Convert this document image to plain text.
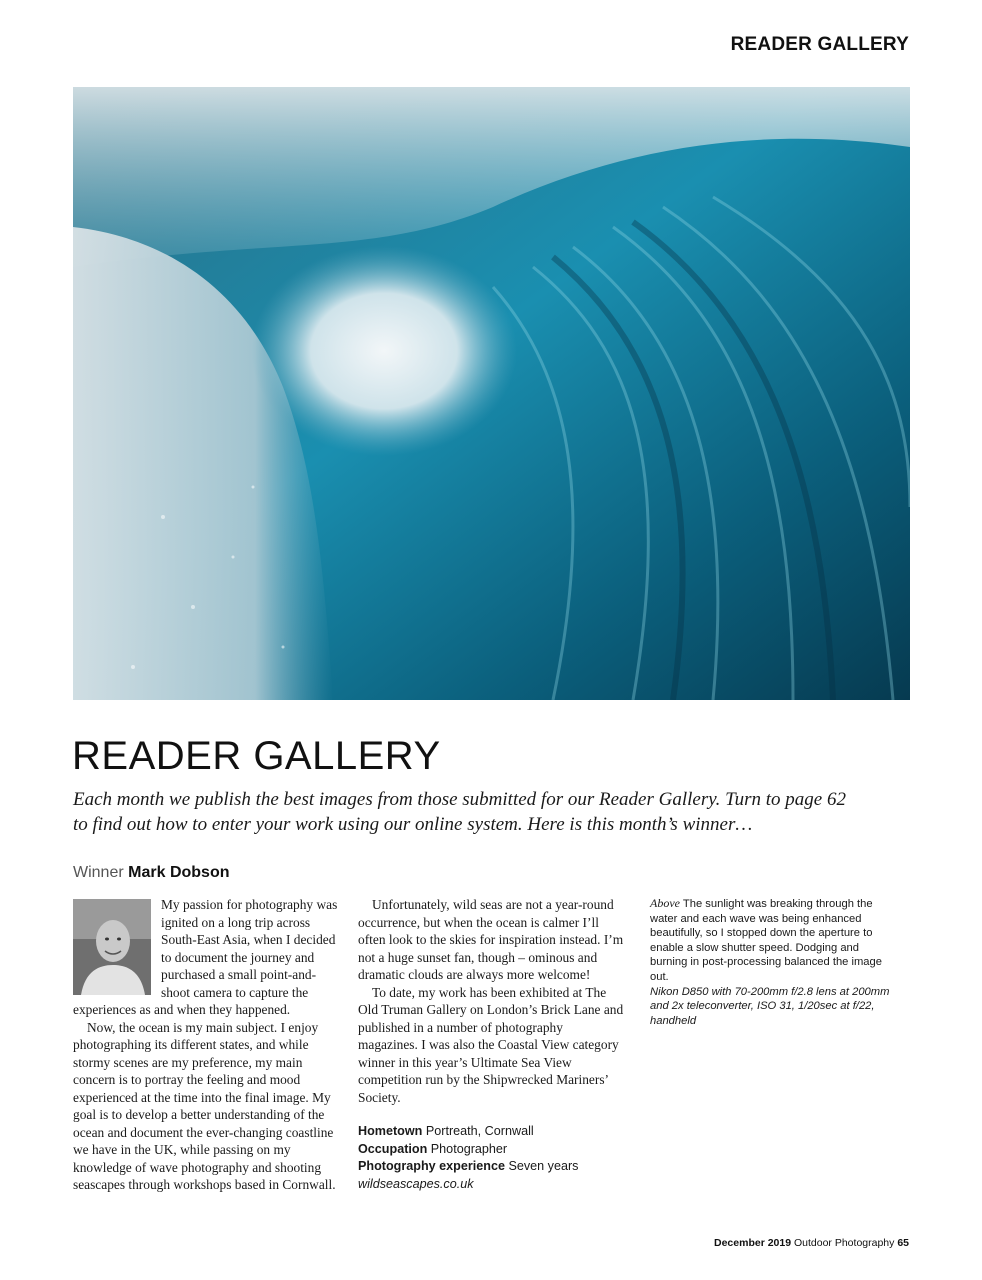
READER GALLERY
READER GALLERY
Each month we publish the best images from those submitted for our Reader Gallery. Turn to page 62 to find out how to enter your work using our online system. Here is this month’s winner…
Winner Mark Dobson

My passion for photography was ignited on a long trip across South-East Asia, when I decided to document the journey and purchased a small point-and-shoot camera to capture the experiences as and when they happened.

Now, the ocean is my main subject. I enjoy photographing its different states, and while stormy scenes are my preference, my main concern is to portray the feeling and mood experienced at the time into the final image. My goal is to develop a better understanding of the ocean and document the ever-changing coastline we have in the UK, while passing on my knowledge of wave photography and shooting seascapes through workshops based in Cornwall.

Unfortunately, wild seas are not a year-round occurrence, but when the ocean is calmer I’ll often look to the skies for inspiration instead. I’m not a huge sunset fan, though – ominous and dramatic clouds are always more welcome!

To date, my work has been exhibited at The Old Truman Gallery on London’s Brick Lane and published in a number of photography magazines. I was also the Coastal View category winner in this year’s Ultimate Sea View competition run by the Shipwrecked Mariners’ Society.

Hometown Portreath, Cornwall
Occupation Photographer
Photography experience Seven years
wildseascapes.co.uk
Above The sunlight was breaking through the water and each wave was being enhanced beautifully, so I stopped down the aperture to enable a slow shutter speed. Dodging and burning in post-processing balanced the image out.
Nikon D850 with 70-200mm f/2.8 lens at 200mm and 2x teleconverter, ISO 31, 1/20sec at f/22, handheld
December 2019 Outdoor Photography 65
